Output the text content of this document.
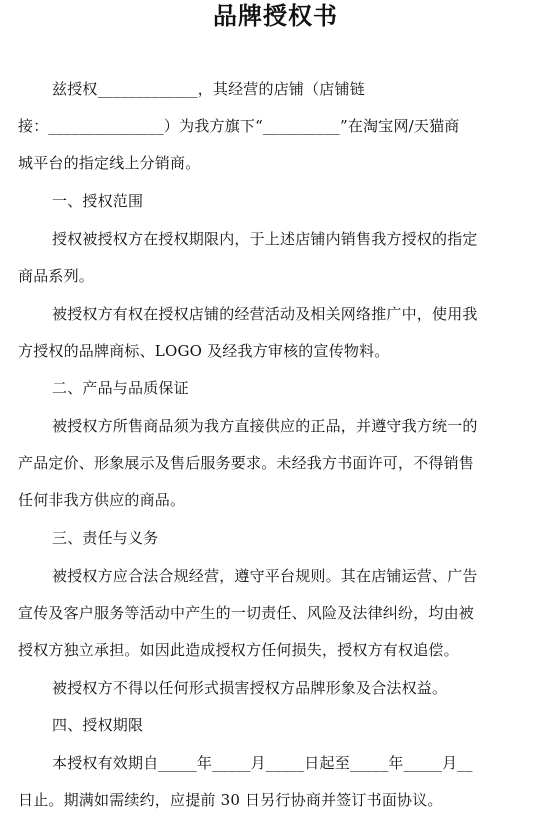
品牌授权书
兹授权_____________，其经营的店铺（店铺链
接：_______________）为我方旗下“__________”在淘宝网/天猫商
城平台的指定线上分销商。
一、授权范围
授权被授权方在授权期限内，于上述店铺内销售我方授权的指定
商品系列。
被授权方有权在授权店铺的经营活动及相关网络推广中，使用我
方授权的品牌商标、LOGO 及经我方审核的宣传物料。
二、产品与品质保证
被授权方所售商品须为我方直接供应的正品，并遵守我方统一的
产品定价、形象展示及售后服务要求。未经我方书面许可，不得销售
任何非我方供应的商品。
三、责任与义务
被授权方应合法合规经营，遵守平台规则。其在店铺运营、广告
宣传及客户服务等活动中产生的一切责任、风险及法律纠纷，均由被
授权方独立承担。如因此造成授权方任何损失，授权方有权追偿。
被授权方不得以任何形式损害授权方品牌形象及合法权益。
四、授权期限
本授权有效期自_____年_____月_____日起至_____年_____月__
日止。期满如需续约，应提前 30 日另行协商并签订书面协议。
